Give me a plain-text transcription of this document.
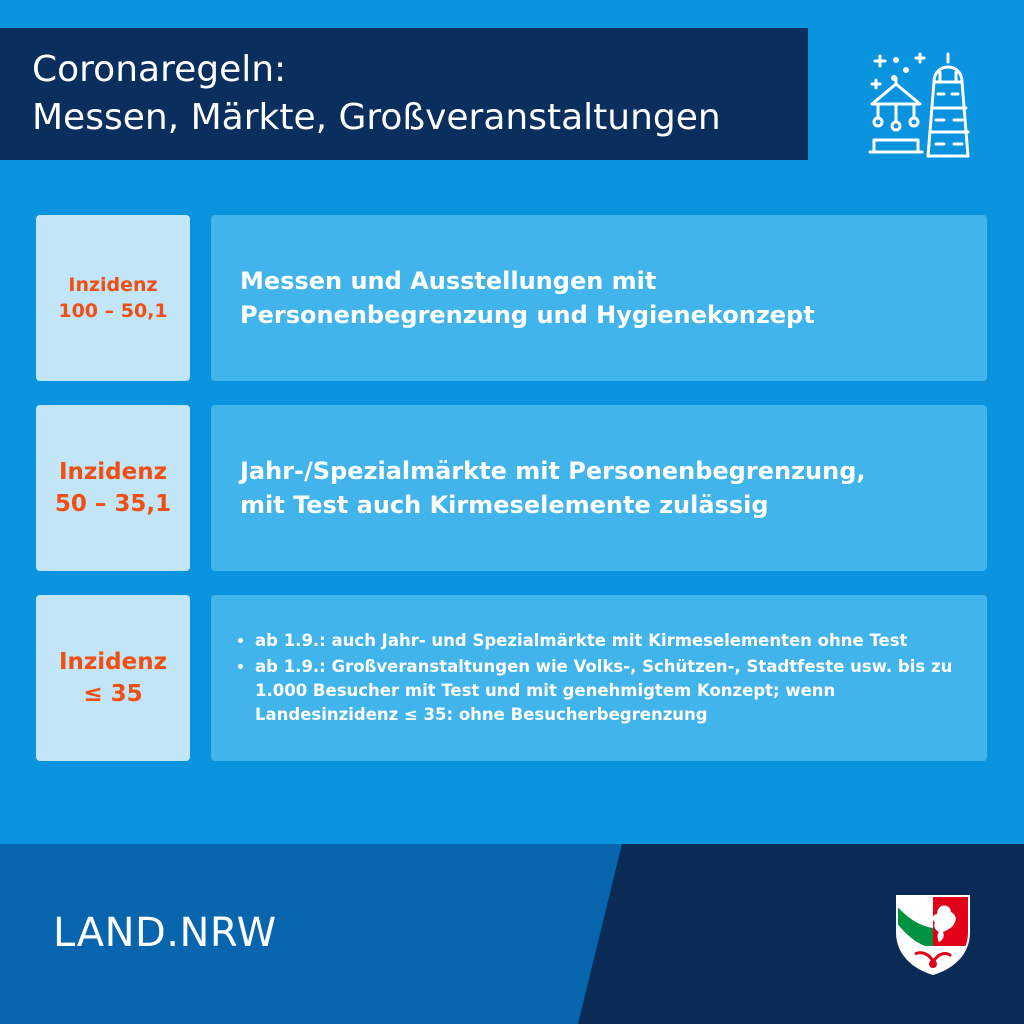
Coronaregeln:
Messen, Märkte, Großveranstaltungen
Inzidenz
100 – 50,1
Messen und Ausstellungen mit
Personenbegrenzung und Hygienekonzept
Inzidenz
50 – 35,1
Jahr-/Spezialmärkte mit Personenbegrenzung,
mit Test auch Kirmeselemente zulässig
Inzidenz
≤ 35
• ab 1.9.: auch Jahr- und Spezialmärkte mit Kirmeselementen ohne Test
• ab 1.9.: Großveranstaltungen wie Volks-, Schützen-, Stadtfeste usw. bis zu 1.000 Besucher mit Test und mit genehmigtem Konzept; wenn Landesinzidenz ≤ 35: ohne Besucherbegrenzung
LAND.NRW
